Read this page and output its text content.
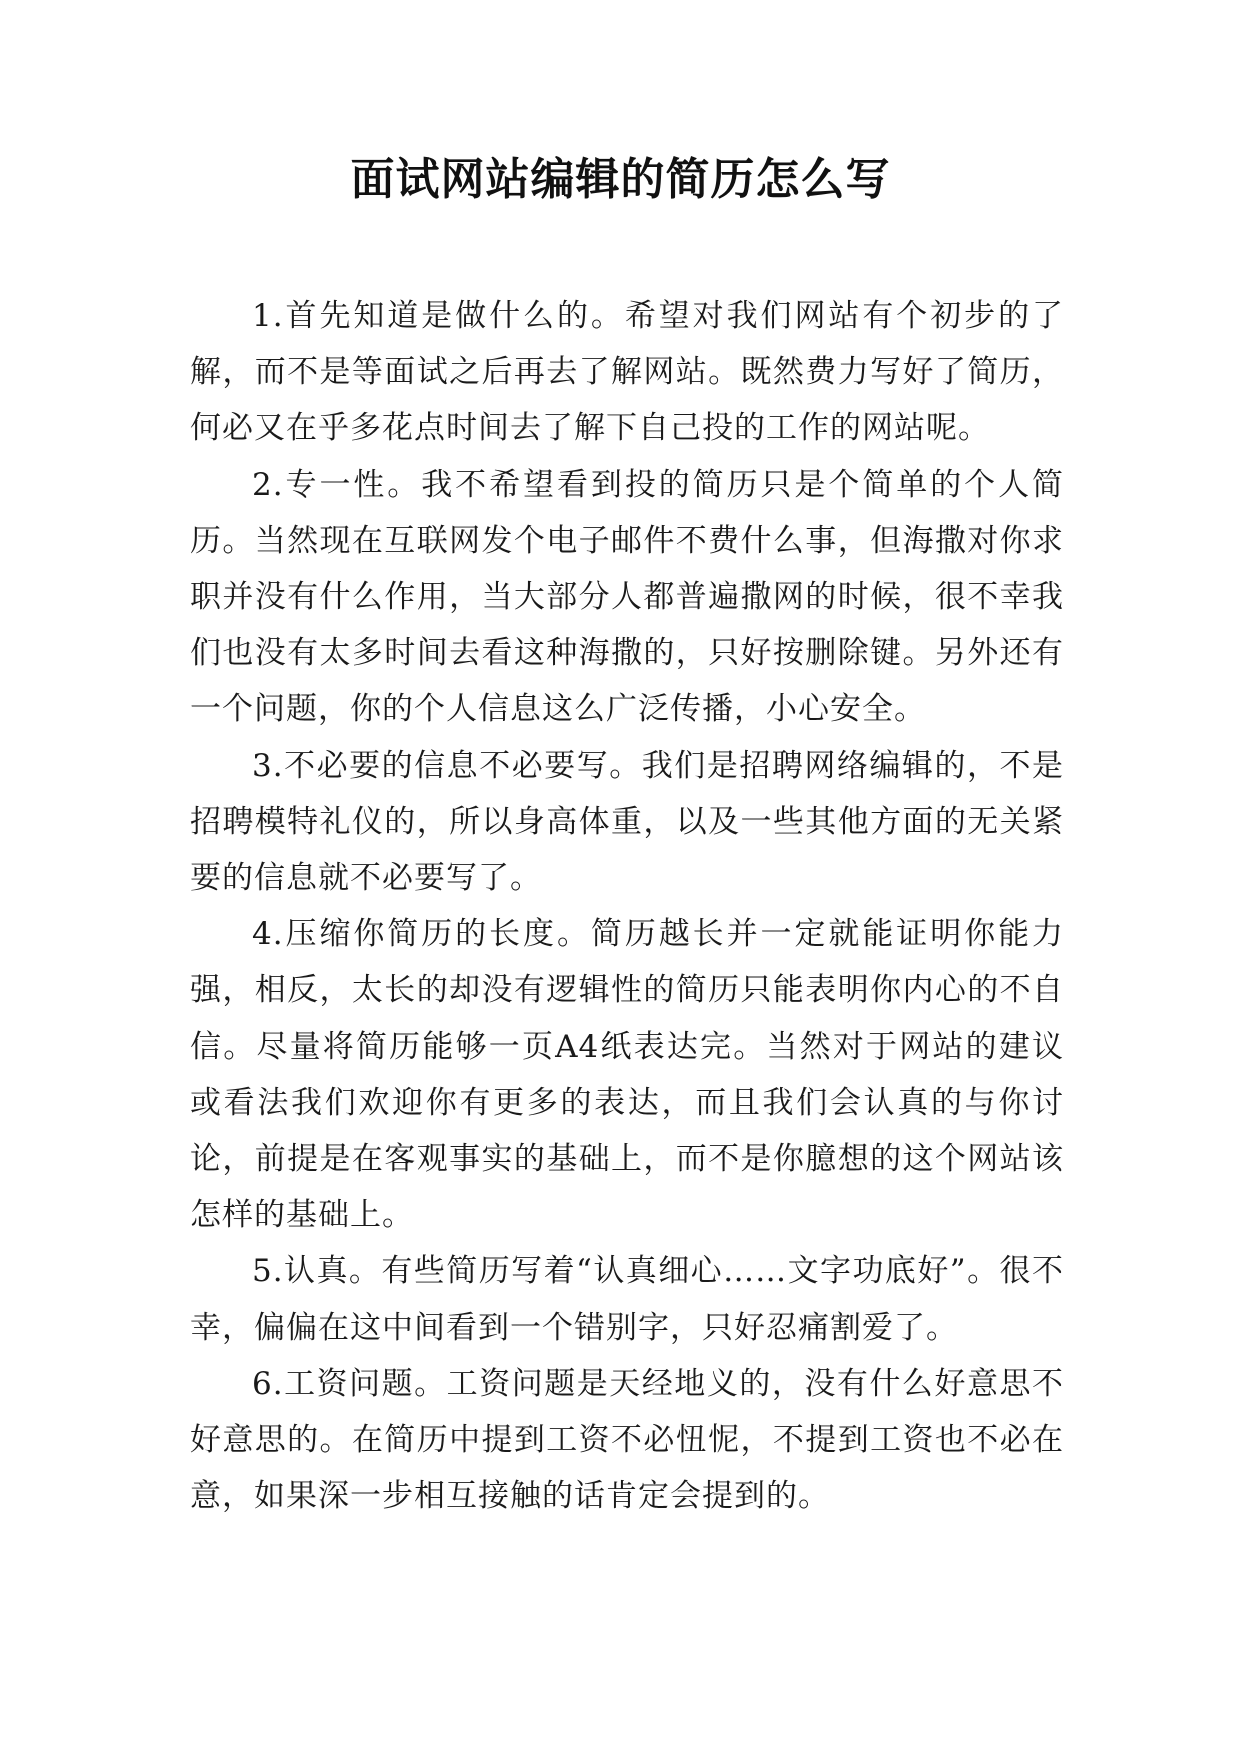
面试网站编辑的简历怎么写

1.首先知道是做什么的。希望对我们网站有个初步的了解，而不是等面试之后再去了解网站。既然费力写好了简历，何必又在乎多花点时间去了解下自己投的工作的网站呢。

2.专一性。我不希望看到投的简历只是个简单的个人简历。当然现在互联网发个电子邮件不费什么事，但海撒对你求职并没有什么作用，当大部分人都普遍撒网的时候，很不幸我们也没有太多时间去看这种海撒的，只好按删除键。另外还有一个问题，你的个人信息这么广泛传播，小心安全。

3.不必要的信息不必要写。我们是招聘网络编辑的，不是招聘模特礼仪的，所以身高体重，以及一些其他方面的无关紧要的信息就不必要写了。

4.压缩你简历的长度。简历越长并一定就能证明你能力强，相反，太长的却没有逻辑性的简历只能表明你内心的不自信。尽量将简历能够一页A4纸表达完。当然对于网站的建议或看法我们欢迎你有更多的表达，而且我们会认真的与你讨论，前提是在客观事实的基础上，而不是你臆想的这个网站该怎样的基础上。

5.认真。有些简历写着“认真细心……文字功底好”。很不幸，偏偏在这中间看到一个错别字，只好忍痛割爱了。

6.工资问题。工资问题是天经地义的，没有什么好意思不好意思的。在简历中提到工资不必忸怩，不提到工资也不必在意，如果深一步相互接触的话肯定会提到的。
